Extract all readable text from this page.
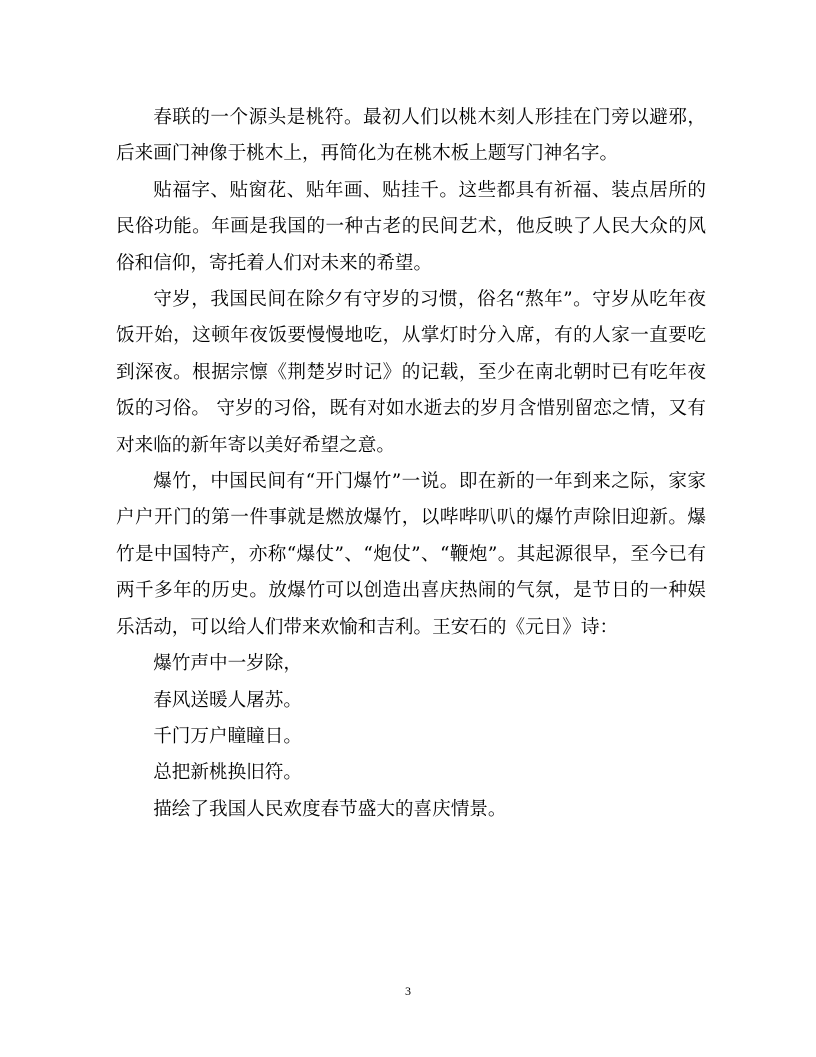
春联的一个源头是桃符。最初人们以桃木刻人形挂在门旁以避邪，后来画门神像于桃木上，再简化为在桃木板上题写门神名字。

贴福字、贴窗花、贴年画、贴挂千。这些都具有祈福、装点居所的民俗功能。年画是我国的一种古老的民间艺术，他反映了人民大众的风俗和信仰，寄托着人们对未来的希望。

守岁，我国民间在除夕有守岁的习惯，俗名“熬年”。守岁从吃年夜饭开始，这顿年夜饭要慢慢地吃，从掌灯时分入席，有的人家一直要吃到深夜。根据宗懔《荆楚岁时记》的记载，至少在南北朝时已有吃年夜饭的习俗。 守岁的习俗，既有对如水逝去的岁月含惜别留恋之情，又有对来临的新年寄以美好希望之意。

爆竹，中国民间有“开门爆竹”一说。即在新的一年到来之际，家家户户开门的第一件事就是燃放爆竹，以哔哔叭叭的爆竹声除旧迎新。爆竹是中国特产，亦称“爆仗”、“炮仗”、“鞭炮”。其起源很早，至今已有两千多年的历史。放爆竹可以创造出喜庆热闹的气氛，是节日的一种娱乐活动，可以给人们带来欢愉和吉利。王安石的《元日》诗：

爆竹声中一岁除，

春风送暖人屠苏。

千门万户瞳瞳日。

总把新桃换旧符。

描绘了我国人民欢度春节盛大的喜庆情景。

3
